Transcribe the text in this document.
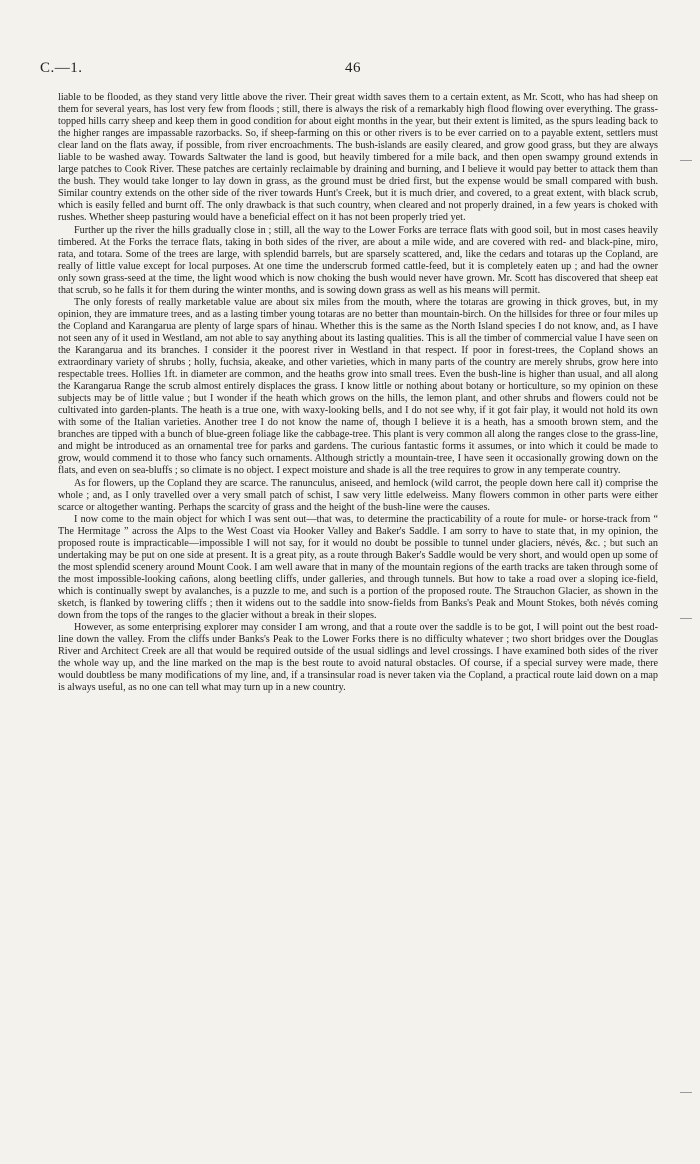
C.—1.	46

liable to be flooded, as they stand very little above the river. Their great width saves them to a certain extent, as Mr. Scott, who has had sheep on them for several years, has lost very few from floods ; still, there is always the risk of a remarkably high flood flowing over everything. The grass-topped hills carry sheep and keep them in good condition for about eight months in the year, but their extent is limited, as the spurs leading back to the higher ranges are impassable razorbacks. So, if sheep-farming on this or other rivers is to be ever carried on to a payable extent, settlers must clear land on the flats away, if possible, from river encroachments. The bush-islands are easily cleared, and grow good grass, but they are always liable to be washed away. Towards Saltwater the land is good, but heavily timbered for a mile back, and then open swampy ground extends in large patches to Cook River. These patches are certainly reclaimable by draining and burning, and I believe it would pay better to attack them than the bush. They would take longer to lay down in grass, as the ground must be dried first, but the expense would be small compared with bush. Similar country extends on the other side of the river towards Hunt's Creek, but it is much drier, and covered, to a great extent, with black scrub, which is easily felled and burnt off. The only drawback is that such country, when cleared and not properly drained, in a few years is choked with rushes. Whether sheep pasturing would have a beneficial effect on it has not been properly tried yet.

Further up the river the hills gradually close in ; still, all the way to the Lower Forks are terrace flats with good soil, but in most cases heavily timbered. At the Forks the terrace flats, taking in both sides of the river, are about a mile wide, and are covered with red- and black-pine, miro, rata, and totara. Some of the trees are large, with splendid barrels, but are sparsely scattered, and, like the cedars and totaras up the Copland, are really of little value except for local purposes. At one time the underscrub formed cattle-feed, but it is completely eaten up ; and had the owner only sown grass-seed at the time, the light wood which is now choking the bush would never have grown. Mr. Scott has discovered that sheep eat that scrub, so he falls it for them during the winter months, and is sowing down grass as well as his means will permit.

The only forests of really marketable value are about six miles from the mouth, where the totaras are growing in thick groves, but, in my opinion, they are immature trees, and as a lasting timber young totaras are no better than mountain-birch. On the hillsides for three or four miles up the Copland and Karangarua are plenty of large spars of hinau. Whether this is the same as the North Island species I do not know, and, as I have not seen any of it used in Westland, am not able to say anything about its lasting qualities. This is all the timber of commercial value I have seen on the Karangarua and its branches. I consider it the poorest river in Westland in that respect. If poor in forest-trees, the Copland shows an extraordinary variety of shrubs ; holly, fuchsia, akeake, and other varieties, which in many parts of the country are merely shrubs, grow here into respectable trees. Hollies 1ft. in diameter are common, and the heaths grow into small trees. Even the bush-line is higher than usual, and all along the Karangarua Range the scrub almost entirely displaces the grass. I know little or nothing about botany or horticulture, so my opinion on these subjects may be of little value ; but I wonder if the heath which grows on the hills, the lemon plant, and other shrubs and flowers could not be cultivated into garden-plants. The heath is a true one, with waxy-looking bells, and I do not see why, if it got fair play, it would not hold its own with some of the Italian varieties. Another tree I do not know the name of, though I believe it is a heath, has a smooth brown stem, and the branches are tipped with a bunch of blue-green foliage like the cabbage-tree. This plant is very common all along the ranges close to the grass-line, and might be introduced as an ornamental tree for parks and gardens. The curious fantastic forms it assumes, or into which it could be made to grow, would commend it to those who fancy such ornaments. Although strictly a mountain-tree, I have seen it occasionally growing down on the flats, and even on sea-bluffs ; so climate is no object. I expect moisture and shade is all the tree requires to grow in any temperate country.

As for flowers, up the Copland they are scarce. The ranunculus, aniseed, and hemlock (wild carrot, the people down here call it) comprise the whole ; and, as I only travelled over a very small patch of schist, I saw very little edelweiss. Many flowers common in other parts were either scarce or altogether wanting. Perhaps the scarcity of grass and the height of the bush-line were the causes.

I now come to the main object for which I was sent out—that was, to determine the practicability of a route for mule- or horse-track from “ The Hermitage ” across the Alps to the West Coast via Hooker Valley and Baker's Saddle. I am sorry to have to state that, in my opinion, the proposed route is impracticable—impossible I will not say, for it would no doubt be possible to tunnel under glaciers, névés, &c. ; but such an undertaking may be put on one side at present. It is a great pity, as a route through Baker's Saddle would be very short, and would open up some of the most splendid scenery around Mount Cook. I am well aware that in many of the mountain regions of the earth tracks are taken through some of the most impossible-looking cañons, along beetling cliffs, under galleries, and through tunnels. But how to take a road over a sloping ice-field, which is continually swept by avalanches, is a puzzle to me, and such is a portion of the proposed route. The Strauchon Glacier, as shown in the sketch, is flanked by towering cliffs ; then it widens out to the saddle into snow-fields from Banks's Peak and Mount Stokes, both névés coming down from the tops of the ranges to the glacier without a break in their slopes.

However, as some enterprising explorer may consider I am wrong, and that a route over the saddle is to be got, I will point out the best road-line down the valley. From the cliffs under Banks's Peak to the Lower Forks there is no difficulty whatever ; two short bridges over the Douglas River and Architect Creek are all that would be required outside of the usual sidlings and level crossings. I have examined both sides of the river the whole way up, and the line marked on the map is the best route to avoid natural obstacles. Of course, if a special survey were made, there would doubtless be many modifications of my line, and, if a transinsular road is never taken via the Copland, a practical route laid down on a map is always useful, as no one can tell what may turn up in a new country.
